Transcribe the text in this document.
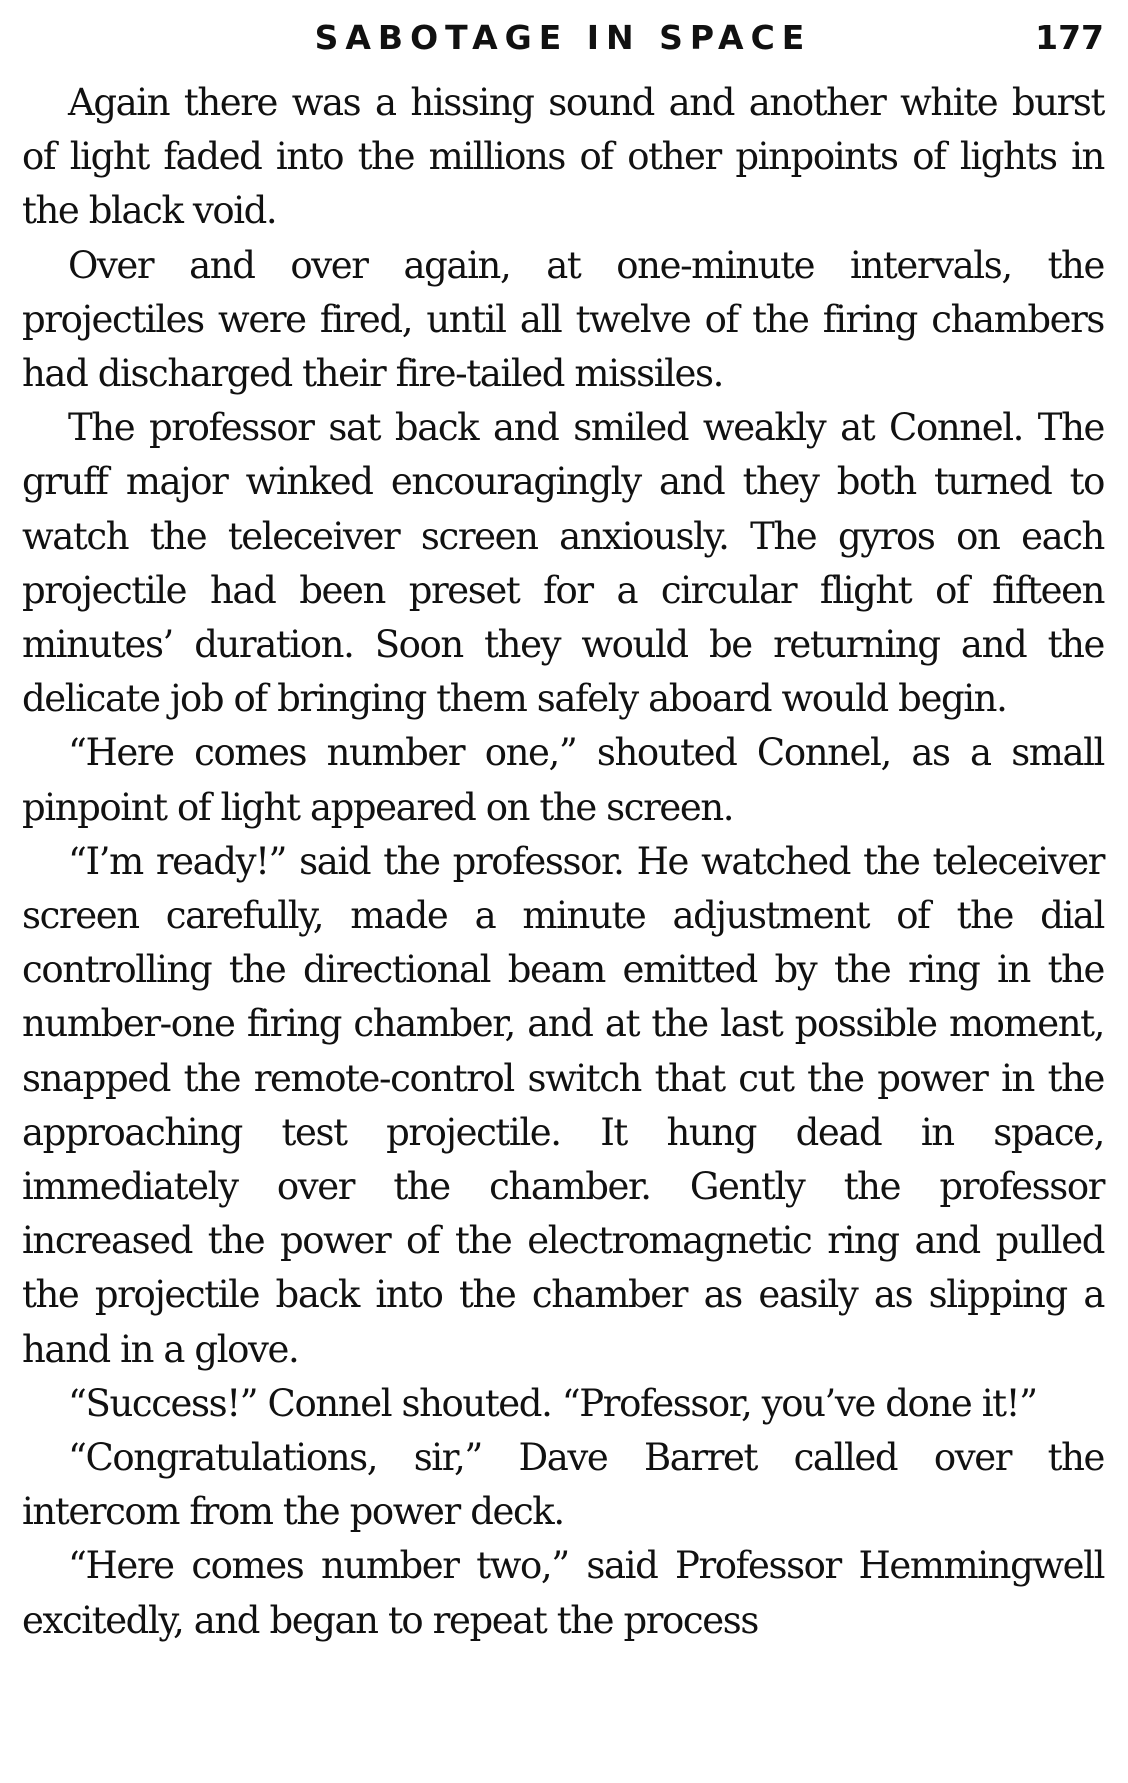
SABOTAGE IN SPACE	177

Again there was a hissing sound and another white burst of light faded into the millions of other pinpoints of lights in the black void.

Over and over again, at one-minute intervals, the projectiles were fired, until all twelve of the firing chambers had discharged their fire-tailed missiles.

The professor sat back and smiled weakly at Connel. The gruff major winked encouragingly and they both turned to watch the teleceiver screen anxiously. The gyros on each projectile had been preset for a circular flight of fifteen minutes’ duration. Soon they would be returning and the delicate job of bringing them safely aboard would begin.

“Here comes number one,” shouted Connel, as a small pinpoint of light appeared on the screen.

“I’m ready!” said the professor. He watched the teleceiver screen carefully, made a minute adjustment of the dial controlling the directional beam emitted by the ring in the number-one firing chamber, and at the last possible moment, snapped the remote-control switch that cut the power in the approaching test projectile. It hung dead in space, immediately over the chamber. Gently the professor increased the power of the electromagnetic ring and pulled the projectile back into the chamber as easily as slipping a hand in a glove.

“Success!” Connel shouted. “Professor, you’ve done it!”

“Congratulations, sir,” Dave Barret called over the intercom from the power deck.

“Here comes number two,” said Professor Hemmingwell excitedly, and began to repeat the process
